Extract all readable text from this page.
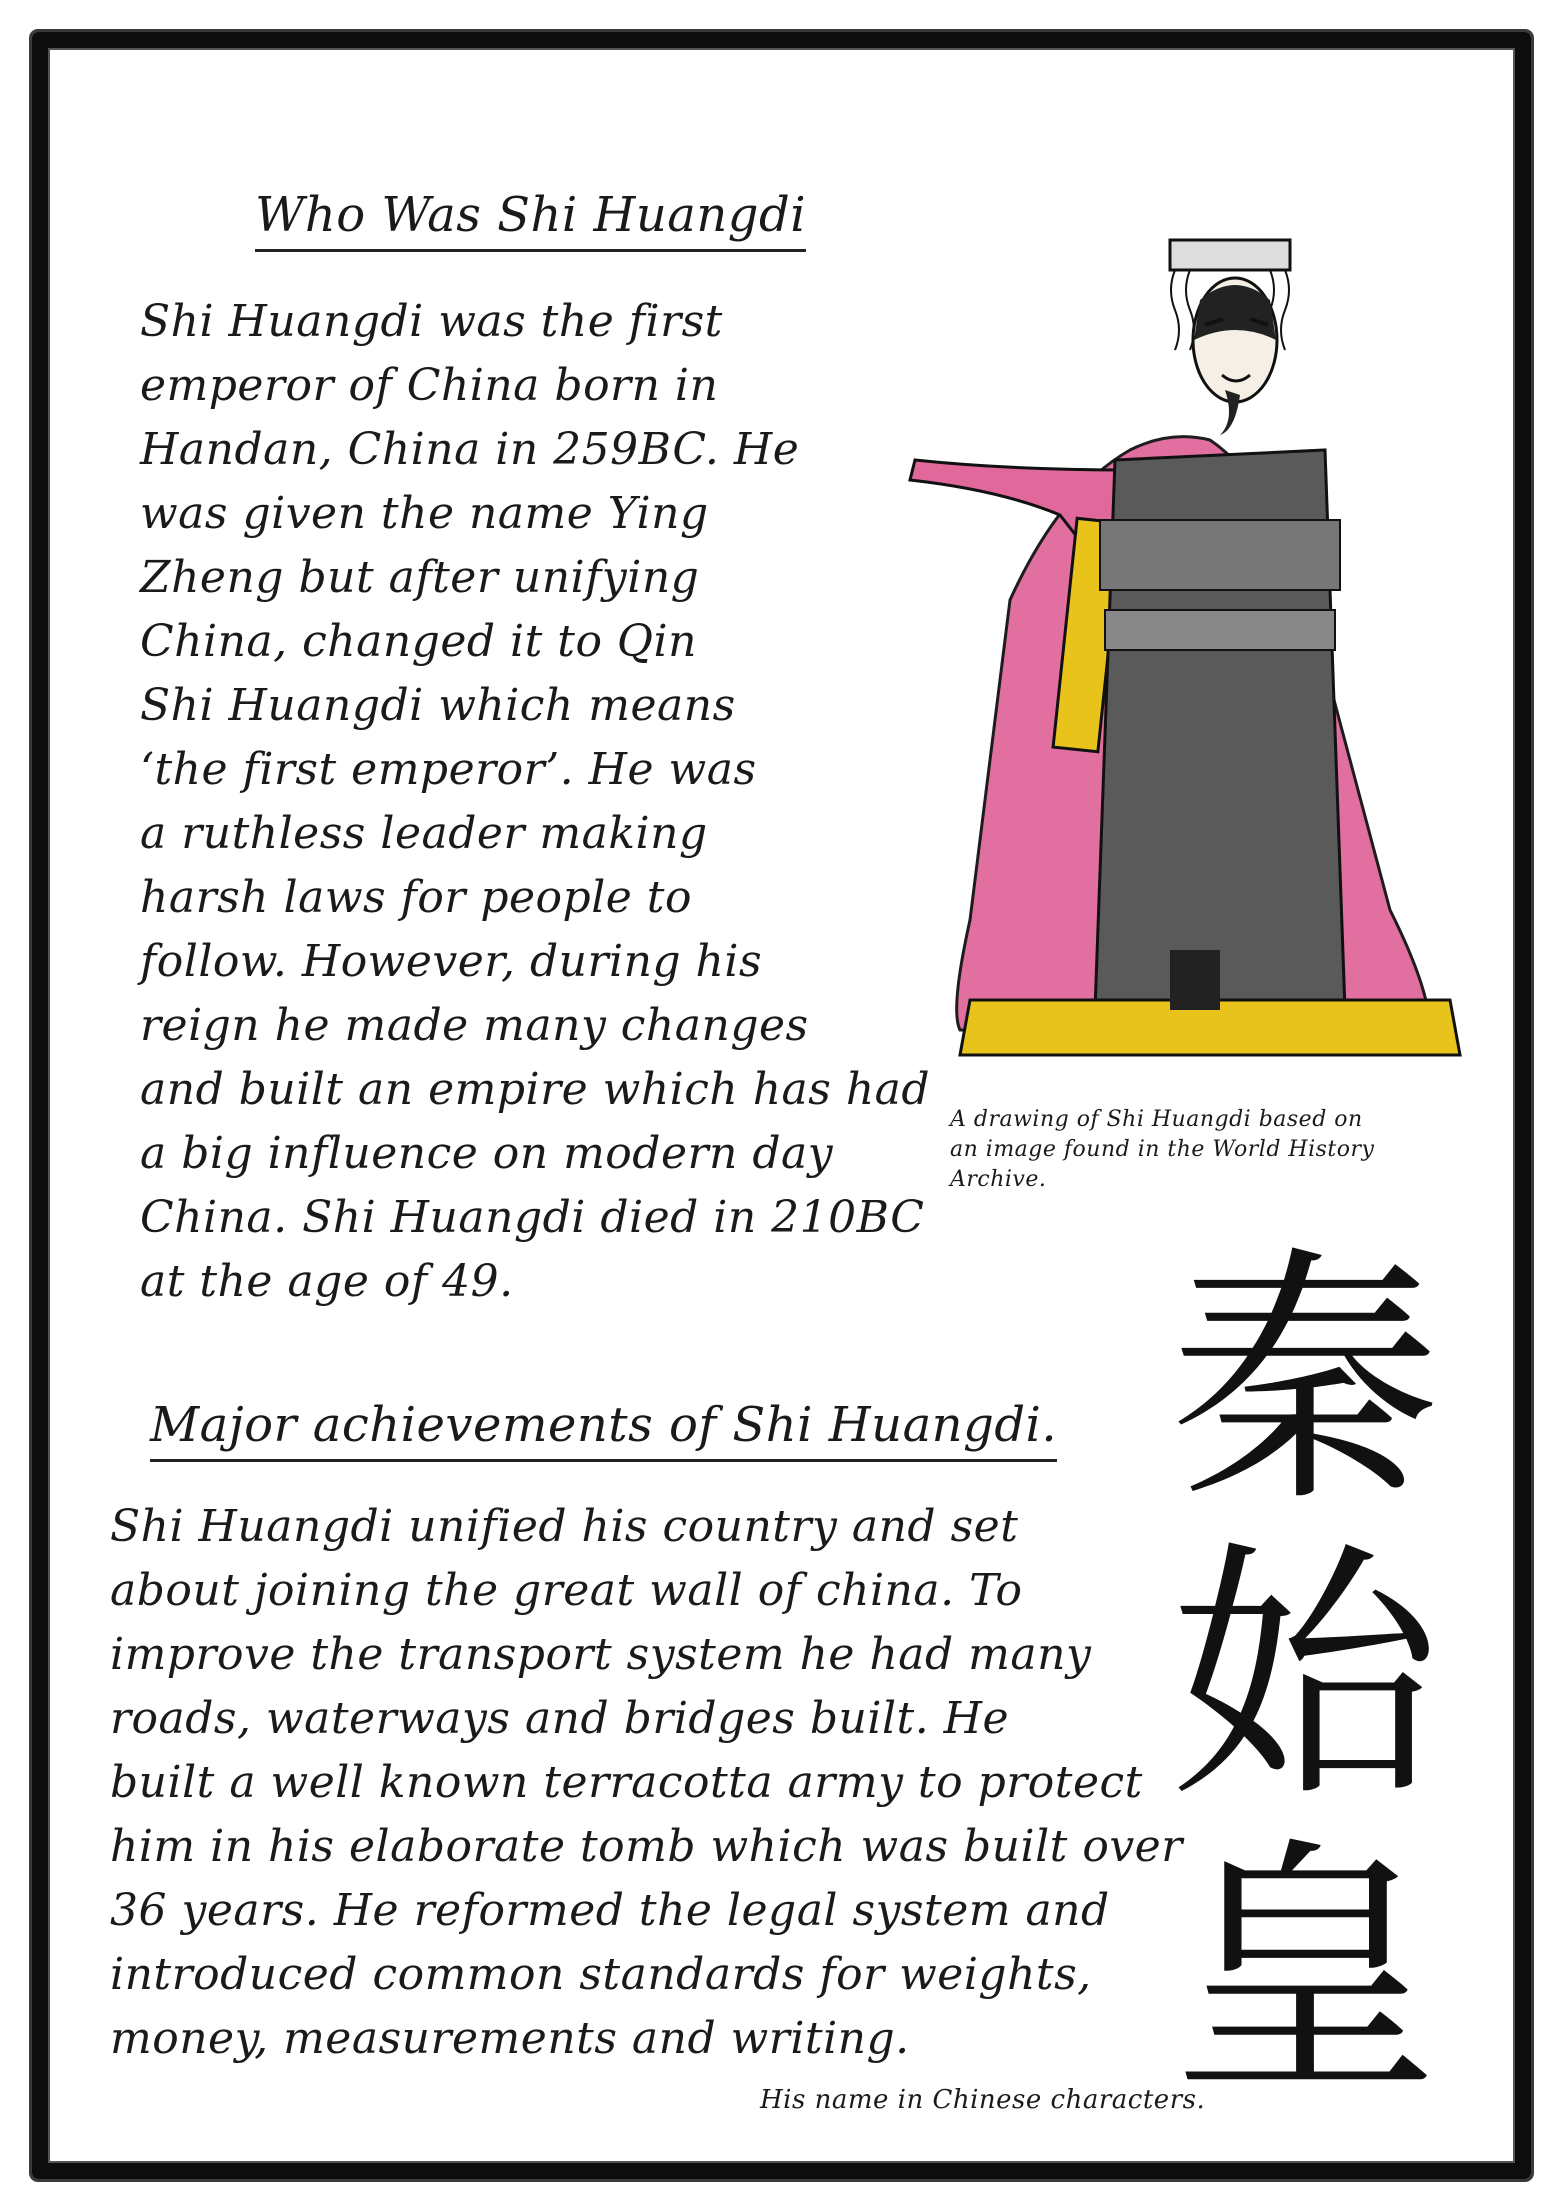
Who Was Shi Huangdi
Shi Huangdi was the first
emperor of China born in
Handan, China in 259BC. He
was given the name Ying
Zheng but after unifying
China, changed it to Qin
Shi Huangdi which means
‘the first emperor’. He was
a ruthless leader making
harsh laws for people to
follow. However, during his
reign he made many changes
and built an empire which has had
a big influence on modern day
China. Shi Huangdi died in 210BC
at the age of 49.
A drawing of Shi Huangdi based on
an image found in the World History
Archive.
Major achievements of Shi Huangdi.
Shi Huangdi unified his country and set
about joining the great wall of china. To
improve the transport system he had many
roads, waterways and bridges built. He
built a well known terracotta army to protect
him in his elaborate tomb which was built over
36 years. He reformed the legal system and
introduced common standards for weights,
money, measurements and writing.
秦
始
皇
His name in Chinese characters.
